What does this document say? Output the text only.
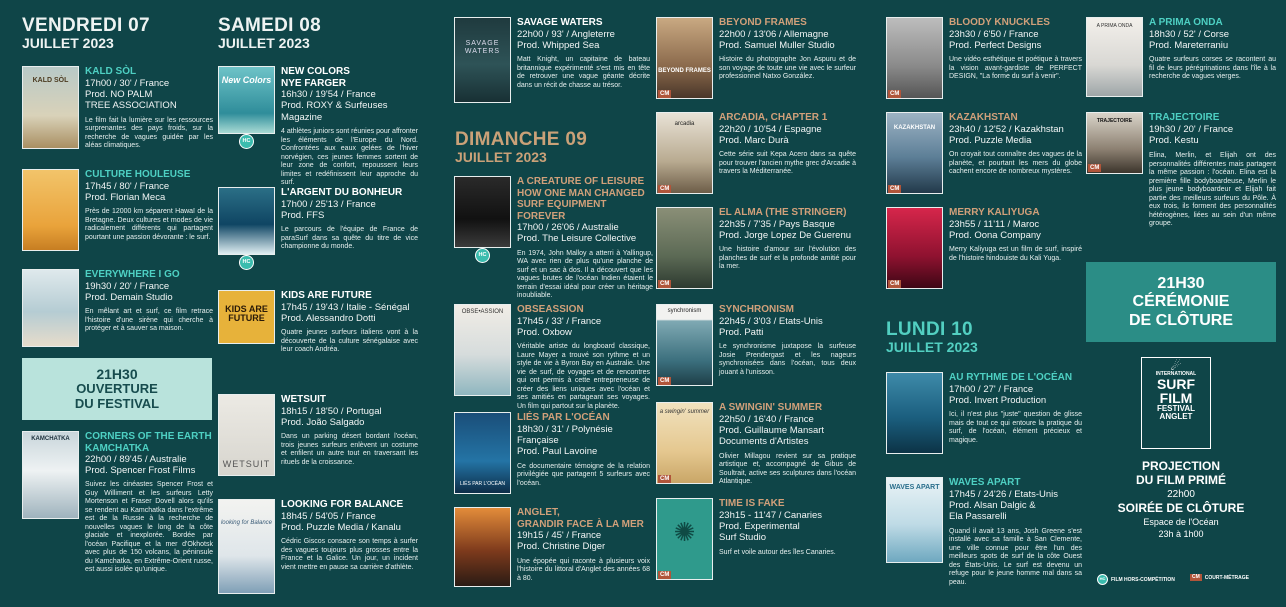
VENDREDI 07
JUILLET 2023
SAMEDI 08
JUILLET 2023
DIMANCHE 09
JUILLET 2023
LUNDI 10
JUILLET 2023
KALD SÒL
KALD SÒL
17h00 / 30' / France
Prod. NO PALM
TREE ASSOCIATION
Le film fait la lumière sur les ressources surprenantes des pays froids, sur la recherche de vagues guidée par les aléas climatiques.
CULTURE HOULEUSE
17h45 / 80' / France
Prod. Florian Meca
Près de 12000 km séparent Hawaï de la Bretagne. Deux cultures et modes de vie radicalement différents qui partagent pourtant une passion dévorante : le surf.
EVERYWHERE I GO
19h30 / 20' / France
Prod. Demain Studio
En mêlant art et surf, ce film retrace l'histoire d'une sirène qui cherche à protéger et à sauver sa maison.
21H30
OUVERTURE
DU FESTIVAL
KAMCHATKA	CORNERS OF THE EARTH
KAMCHATKA
22h00 / 89'45 / Australie
Prod. Spencer Frost Films
Suivez les cinéastes Spencer Frost et Guy Williment et les surfeurs Letty Mortenson et Fraser Dovell alors qu'ils se rendent au Kamchatka dans l'extrême est de la Russie à la recherche de nouvelles vagues le long de la côte glaciale et inexplorée. Bordée par l'océan Pacifique et la mer d'Okhotsk avec plus de 150 volcans, la péninsule du Kamchatka, en Extrême-Orient russe, est aussi isolée qu'unique.
New Colors
HC
NEW COLORS
NYE FARGER
16h30 / 19'54 / France
Prod. ROXY & Surfeuses Magazine
4 athlètes juniors sont réunies pour affronter les éléments de l'Europe du Nord. Confrontées aux eaux gelées de l'hiver norvégien, ces jeunes femmes sortent de leur zone de confort, repoussent leurs limites et redéfinissent leur approche du surf.
HC
L'ARGENT DU BONHEUR
17h00 / 25'13 / France
Prod. FFS
Le parcours de l'équipe de France de paraSurf dans sa quête du titre de vice championne du monde.
KIDS ARE FUTURE
KIDS ARE FUTURE
17h45 / 19'43 / Italie - Sénégal
Prod. Alessandro Dotti
Quatre jeunes surfeurs italiens vont à la découverte de la culture sénégalaise avec leur coach Andréa.
WETSUIT
WETSUIT
18h15 / 18'50 / Portugal
Prod. João Salgado
Dans un parking désert bordant l'océan, trois jeunes surfeurs enlèvent un costume et enfilent un autre tout en traversant les rituels de la croissance.
looking for Balance
LOOKING FOR BALANCE
18h45 / 54'05 / France
Prod. Puzzle Media / Kanalu
Cédric Giscos consacre son temps à surfer des vagues toujours plus grosses entre la France et la Galice. Un jour, un incident vient mettre en pause sa carrière d'athlète.
SAVAGE WATERS
SAVAGE WATERS
22h00 / 93' / Angleterre
Prod. Whipped Sea
Matt Knight, un capitaine de bateau britannique expérimenté s'est mis en tête de retrouver une vague géante décrite dans un récit de chasse au trésor.
HC
A CREATURE OF LEISURE
HOW ONE MAN CHANGED
SURF EQUIPMENT FOREVER
17h00 / 26'06 / Australie
Prod. The Leisure Collective
En 1974, John Malloy a atterri à Yallingup, WA avec rien de plus qu'une planche de surf et un sac à dos. Il a découvert que les vagues brutes de l'océan Indien étaient le terrain d'essai idéal pour créer un héritage inoubliable.
OBSE•ASSION	OBSEASSION
17h45 / 33' / France
Prod. Oxbow
Véritable artiste du longboard classique, Laure Mayer a trouvé son rythme et un style de vie à Byron Bay en Australie. Une vie de surf, de voyages et de rencontres qui ont permis à cette entrepreneuse de créer des liens uniques avec l'océan et ses amitiés en partageant ses voyages. Un film qui partout sur la planète.
LIÉS PAR L'OCÉAN
LIÉS PAR L'OCÉAN
18h30 / 31' / Polynésie Française
Prod. Paul Lavoine
Ce documentaire témoigne de la relation privilégiée que partagent 5 surfeurs avec l'océan.
ANGLET,
GRANDIR FACE À LA MER
19h15 / 45' / France
Prod. Christine Diger
Une épopée qui raconte à plusieurs voix l'histoire du littoral d'Anglet des années 68 à 80.
BEYOND FRAMES
CM
BEYOND FRAMES
22h00 / 13'06 / Allemagne
Prod. Samuel Muller Studio
Histoire du photographe Jon Aspuru et de son voyage de toute une vie avec le surfeur professionnel Natxo González.
arcadia
CM
ARCADIA, CHAPTER 1
22h20 / 10'54 / Espagne
Prod. Marc Durà
Cette série suit Kepa Acero dans sa quête pour trouver l'ancien mythe grec d'Arcadie à travers la Méditerranée.
CM
EL ALMA (THE STRINGER)
22h35 / 7'35 / Pays Basque
Prod. Jorge Lopez De Guerenu
Une histoire d'amour sur l'évolution des planches de surf et la profonde amitié pour la mer.
synchronism
CM
SYNCHRONISM
22h45 / 3'03 / Etats-Unis
Prod. Patti
Le synchronisme juxtapose la surfeuse Josie Prendergast et les nageurs synchronisées dans l'océan, tous deux jouant à l'unisson.
a swingin' summer
CM
A SWINGIN' SUMMER
22h50 / 16'40 / France
Prod. Guillaume Mansart
Documents d'Artistes
Olivier Millagou revient sur sa pratique artistique et, accompagné de Gibus de Soultrait, active ses sculptures dans l'océan Atlantique.
✺
CM
TIME IS FAKE
23h15 - 11'47 / Canaries
Prod. Experimental
Surf Studio
Surf et voile autour des îles Canaries.
CM
BLOODY KNUCKLES
23h30 / 6'50 / France
Prod. Perfect Designs
Une vidéo esthétique et poétique à travers la vision avant-gardiste de PERFECT DESIGN, "La forme du surf à venir".
KAZAKHSTAN
CM
KAZAKHSTAN
23h40 / 12'52 / Kazakhstan
Prod. Puzzle Media
On croyait tout connaître des vagues de la planète, et pourtant les mers du globe cachent encore de nombreux mystères.
CM
MERRY KALIYUGA
23h55 / 11'11 / Maroc
Prod. Oona Company
Merry Kaliyuga est un film de surf, inspiré de l'histoire hindouiste du Kali Yuga.
AU RYTHME DE L'OCÉAN
17h00 / 27' / France
Prod. Invert Production
Ici, il n'est plus "juste" question de glisse mais de tout ce qui entoure la pratique du surf, de l'océan, élément précieux et magique.
WAVES APART WAVES APART
17h45 / 24'26 / Etats-Unis
Prod. Alsan Dalgic &
Ela Passarelli
Quand il avait 13 ans, Josh Greene s'est installé avec sa famille à San Clemente, une ville connue pour être l'un des meilleurs spots de surf de la côte Ouest des États-Unis. Le surf est devenu un refuge pour le jeune homme mal dans sa peau.
A PRIMA ONDA	A PRIMA ONDA
18h30 / 52' / Corse
Prod. Mareterraniu
Quatre surfeurs corses se racontent au fil de leurs pérégrinations dans l'île à la recherche de vagues vierges.
TRAJECTOIRE
CM
TRAJECTOIRE
19h30 / 20' / France
Prod. Kestu
Elina, Merlin, et Elijah ont des personnalités différentes mais partagent la même passion : l'océan. Elina est la première fille bodyboardeuse, Merlin le plus jeune bodyboardeur et Elijah fait partie des meilleurs surfeurs du Pôle. À eux trois, ils forment des personnalités hétérogènes, liées au sein d'un même groupe.
21H30
CÉRÉMONIE
DE CLÔTURE
☄
INTERNATIONAL
SURF
FILM
FESTIVAL
ANGLET
PROJECTION
DU FILM PRIMÉ
22h00
SOIRÉE DE CLÔTURE
Espace de l'Océan
23h à 1h00
HC	FILM HORS-COMPÉTITION	CM	COURT-MÉTRAGE
